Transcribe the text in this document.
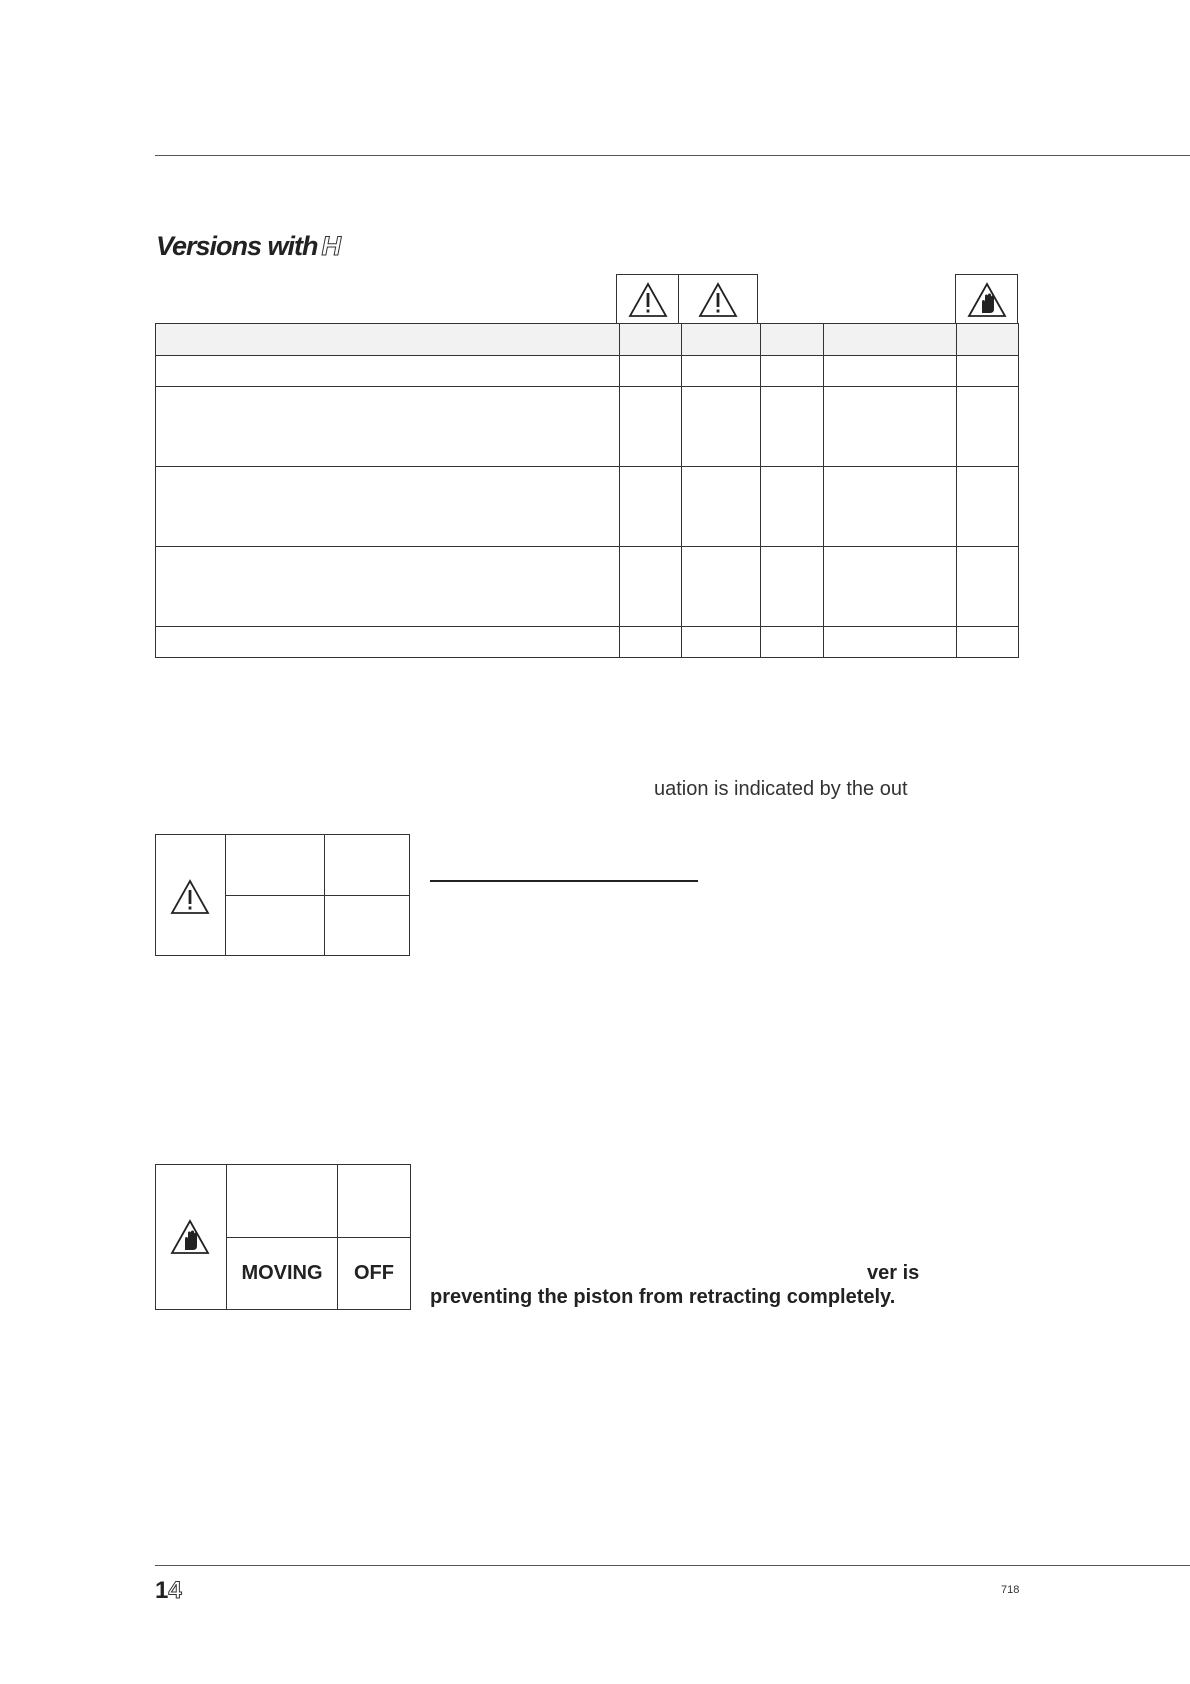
Versions with H

uation is indicated by the out
MOVING	OFF	ver is
preventing the piston from retracting completely.
14	718
